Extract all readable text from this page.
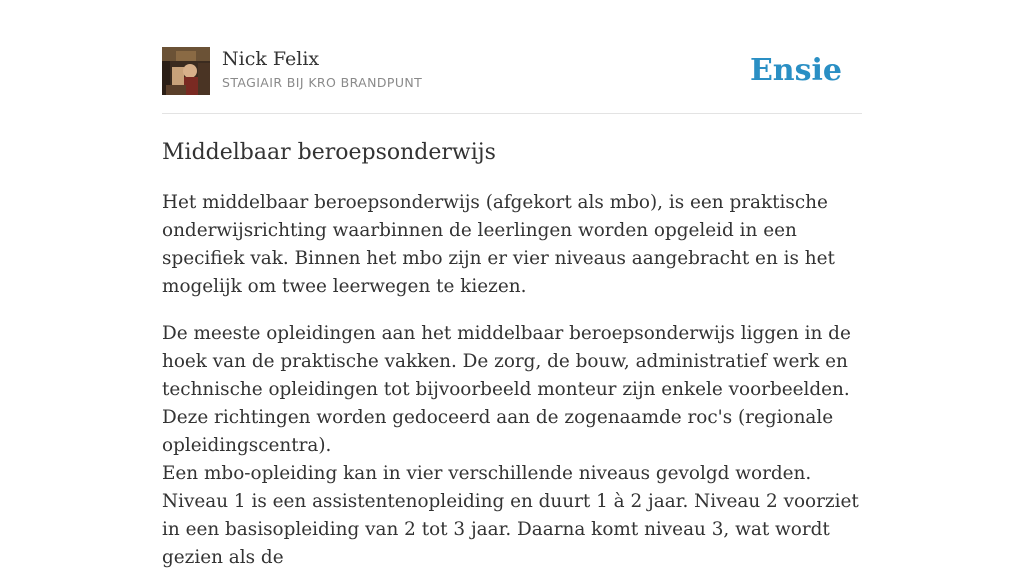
Nick Felix
STAGIAIR BIJ KRO BRANDPUNT	Ensie
Middelbaar beroepsonderwijs

Het middelbaar beroepsonderwijs (afgekort als mbo), is een praktische onderwijsrichting waarbinnen de leerlingen worden opgeleid in een specifiek vak. Binnen het mbo zijn er vier niveaus aangebracht en is het mogelijk om twee leerwegen te kiezen.

De meeste opleidingen aan het middelbaar beroepsonderwijs liggen in de hoek van de praktische vakken. De zorg, de bouw, administratief werk en technische opleidingen tot bijvoorbeeld monteur zijn enkele voorbeelden. Deze richtingen worden gedoceerd aan de zogenaamde roc's (regionale opleidingscentra).

Een mbo-opleiding kan in vier verschillende niveaus gevolgd worden. Niveau 1 is een assistentenopleiding en duurt 1 à 2 jaar. Niveau 2 voorziet in een basisopleiding van 2 tot 3 jaar. Daarna komt niveau 3, wat wordt gezien als de
